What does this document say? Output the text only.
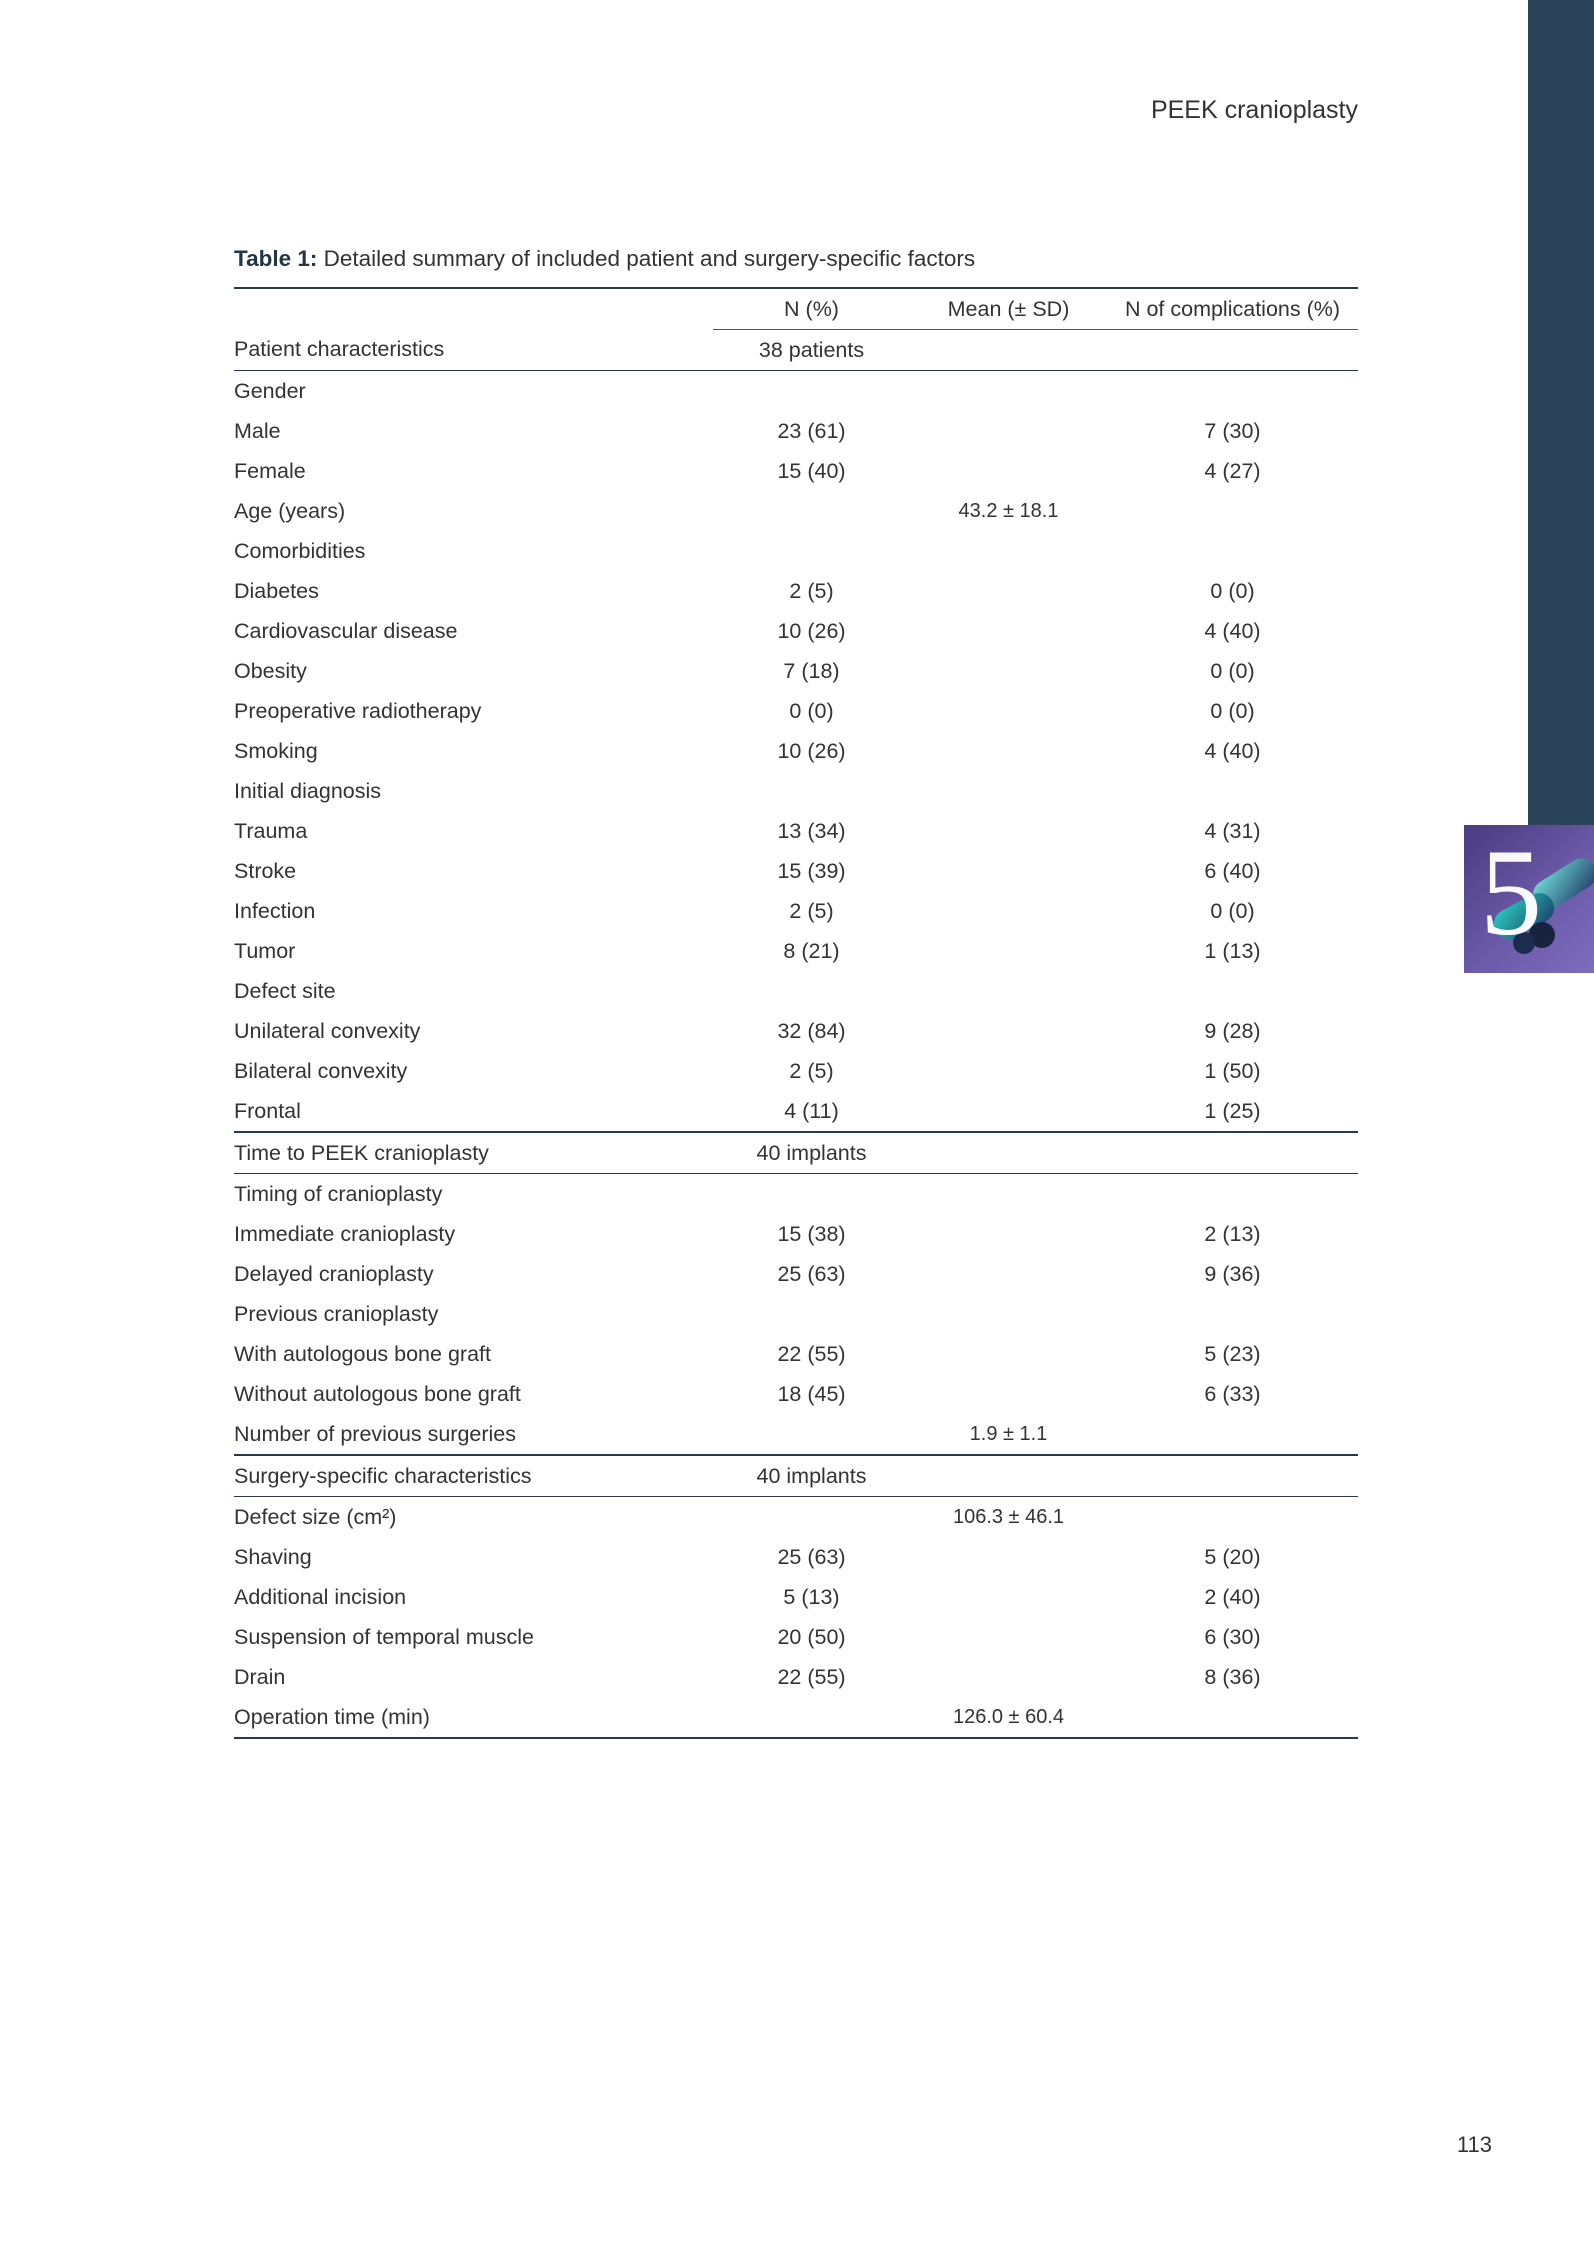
5
PEEK cranioplasty
Table 1: Detailed summary of included patient and surgery-specific factors
	N (%)	Mean (± SD)	N of complications (%)
Patient characteristics	38 patients		
Gender			
Male	23 (61)		7 (30)
Female	15 (40)		4 (27)
Age (years)		43.2 ± 18.1	
Comorbidities			
Diabetes	2 (5)		0 (0)
Cardiovascular disease	10 (26)		4 (40)
Obesity	7 (18)		0 (0)
Preoperative radiotherapy	0 (0)		0 (0)
Smoking	10 (26)		4 (40)
Initial diagnosis			
Trauma	13 (34)		4 (31)
Stroke	15 (39)		6 (40)
Infection	2 (5)		0 (0)
Tumor	8 (21)		1 (13)
Defect site			
Unilateral convexity	32 (84)		9 (28)
Bilateral convexity	2 (5)		1 (50)
Frontal	4 (11)		1 (25)
Time to PEEK cranioplasty	40 implants		
Timing of cranioplasty			
Immediate cranioplasty	15 (38)		2 (13)
Delayed cranioplasty	25 (63)		9 (36)
Previous cranioplasty			
With autologous bone graft	22 (55)		5 (23)
Without autologous bone graft	18 (45)		6 (33)
Number of previous surgeries		1.9 ± 1.1	
Surgery-specific characteristics	40 implants		
Defect size (cm²)		106.3 ± 46.1	
Shaving	25 (63)		5 (20)
Additional incision	5 (13)		2 (40)
Suspension of temporal muscle	20 (50)		6 (30)
Drain	22 (55)		8 (36)
Operation time (min)		126.0 ± 60.4	
113
